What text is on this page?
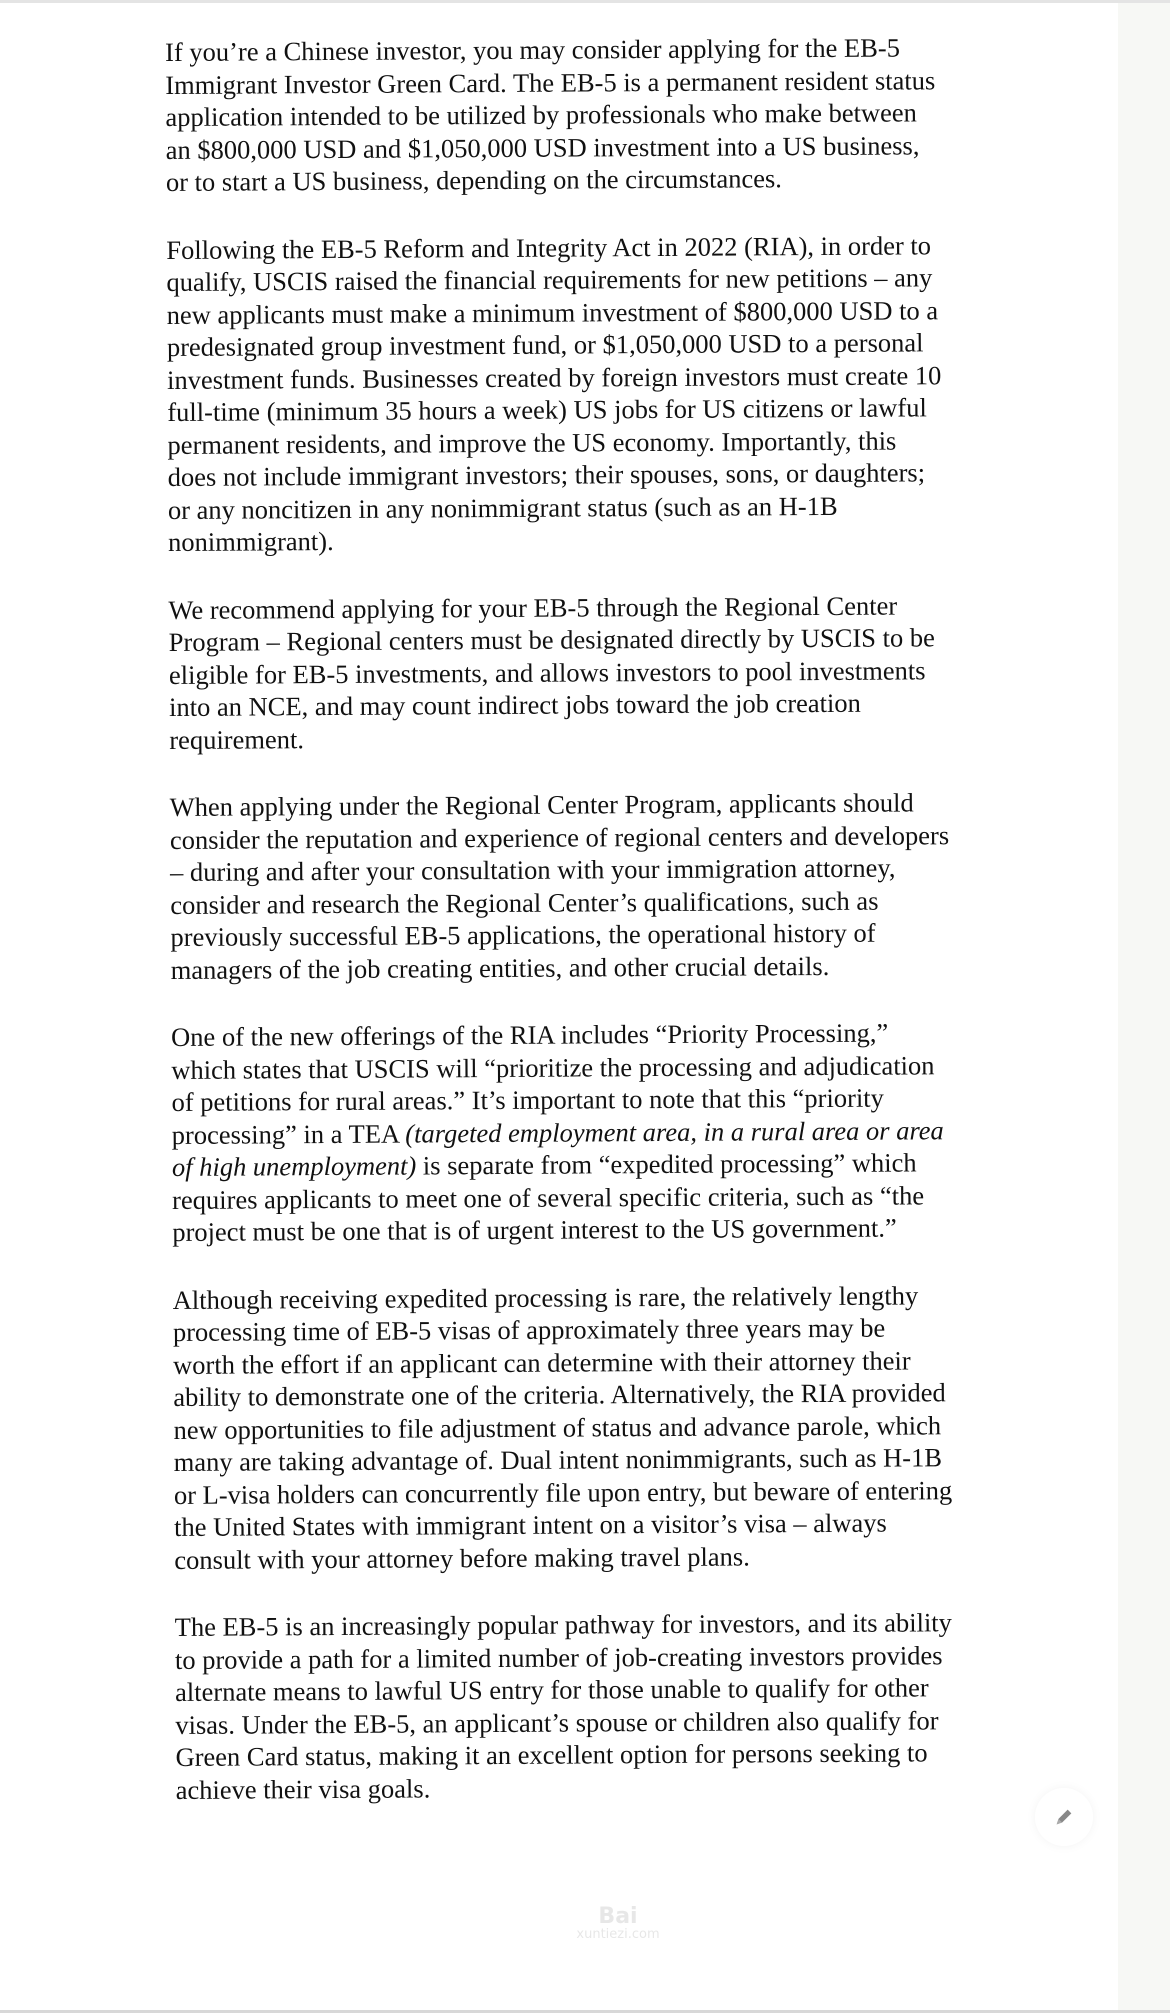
If you’re a Chinese investor, you may consider applying for the EB-5 Immigrant Investor Green Card. The EB-5 is a permanent resident status application intended to be utilized by professionals who make between an $800,000 USD and $1,050,000 USD investment into a US business, or to start a US business, depending on the circumstances.

Following the EB-5 Reform and Integrity Act in 2022 (RIA), in order to qualify, USCIS raised the financial requirements for new petitions – any new applicants must make a minimum investment of $800,000 USD to a predesignated group investment fund, or $1,050,000 USD to a personal investment funds. Businesses created by foreign investors must create 10 full-time (minimum 35 hours a week) US jobs for US citizens or lawful permanent residents, and improve the US economy. Importantly, this does not include immigrant investors; their spouses, sons, or daughters; or any noncitizen in any nonimmigrant status (such as an H-1B nonimmigrant).

We recommend applying for your EB-5 through the Regional Center Program – Regional centers must be designated directly by USCIS to be eligible for EB-5 investments, and allows investors to pool investments into an NCE, and may count indirect jobs toward the job creation requirement.

When applying under the Regional Center Program, applicants should consider the reputation and experience of regional centers and developers – during and after your consultation with your immigration attorney, consider and research the Regional Center’s qualifications, such as previously successful EB-5 applications, the operational history of managers of the job creating entities, and other crucial details.

One of the new offerings of the RIA includes “Priority Processing,” which states that USCIS will “prioritize the processing and adjudication of petitions for rural areas.” It’s important to note that this “priority processing” in a TEA (targeted employment area, in a rural area or area of high unemployment) is separate from “expedited processing” which requires applicants to meet one of several specific criteria, such as “the project must be one that is of urgent interest to the US government.”

Although receiving expedited processing is rare, the relatively lengthy processing time of EB-5 visas of approximately three years may be worth the effort if an applicant can determine with their attorney their ability to demonstrate one of the criteria. Alternatively, the RIA provided new opportunities to file adjustment of status and advance parole, which many are taking advantage of. Dual intent nonimmigrants, such as H-1B or L-visa holders can concurrently file upon entry, but beware of entering the United States with immigrant intent on a visitor’s visa – always consult with your attorney before making travel plans.

The EB-5 is an increasingly popular pathway for investors, and its ability to provide a path for a limited number of job-creating investors provides alternate means to lawful US entry for those unable to qualify for other visas. Under the EB-5, an applicant’s spouse or children also qualify for Green Card status, making it an excellent option for persons seeking to achieve their visa goals.

Bai
xuntiezi.com
